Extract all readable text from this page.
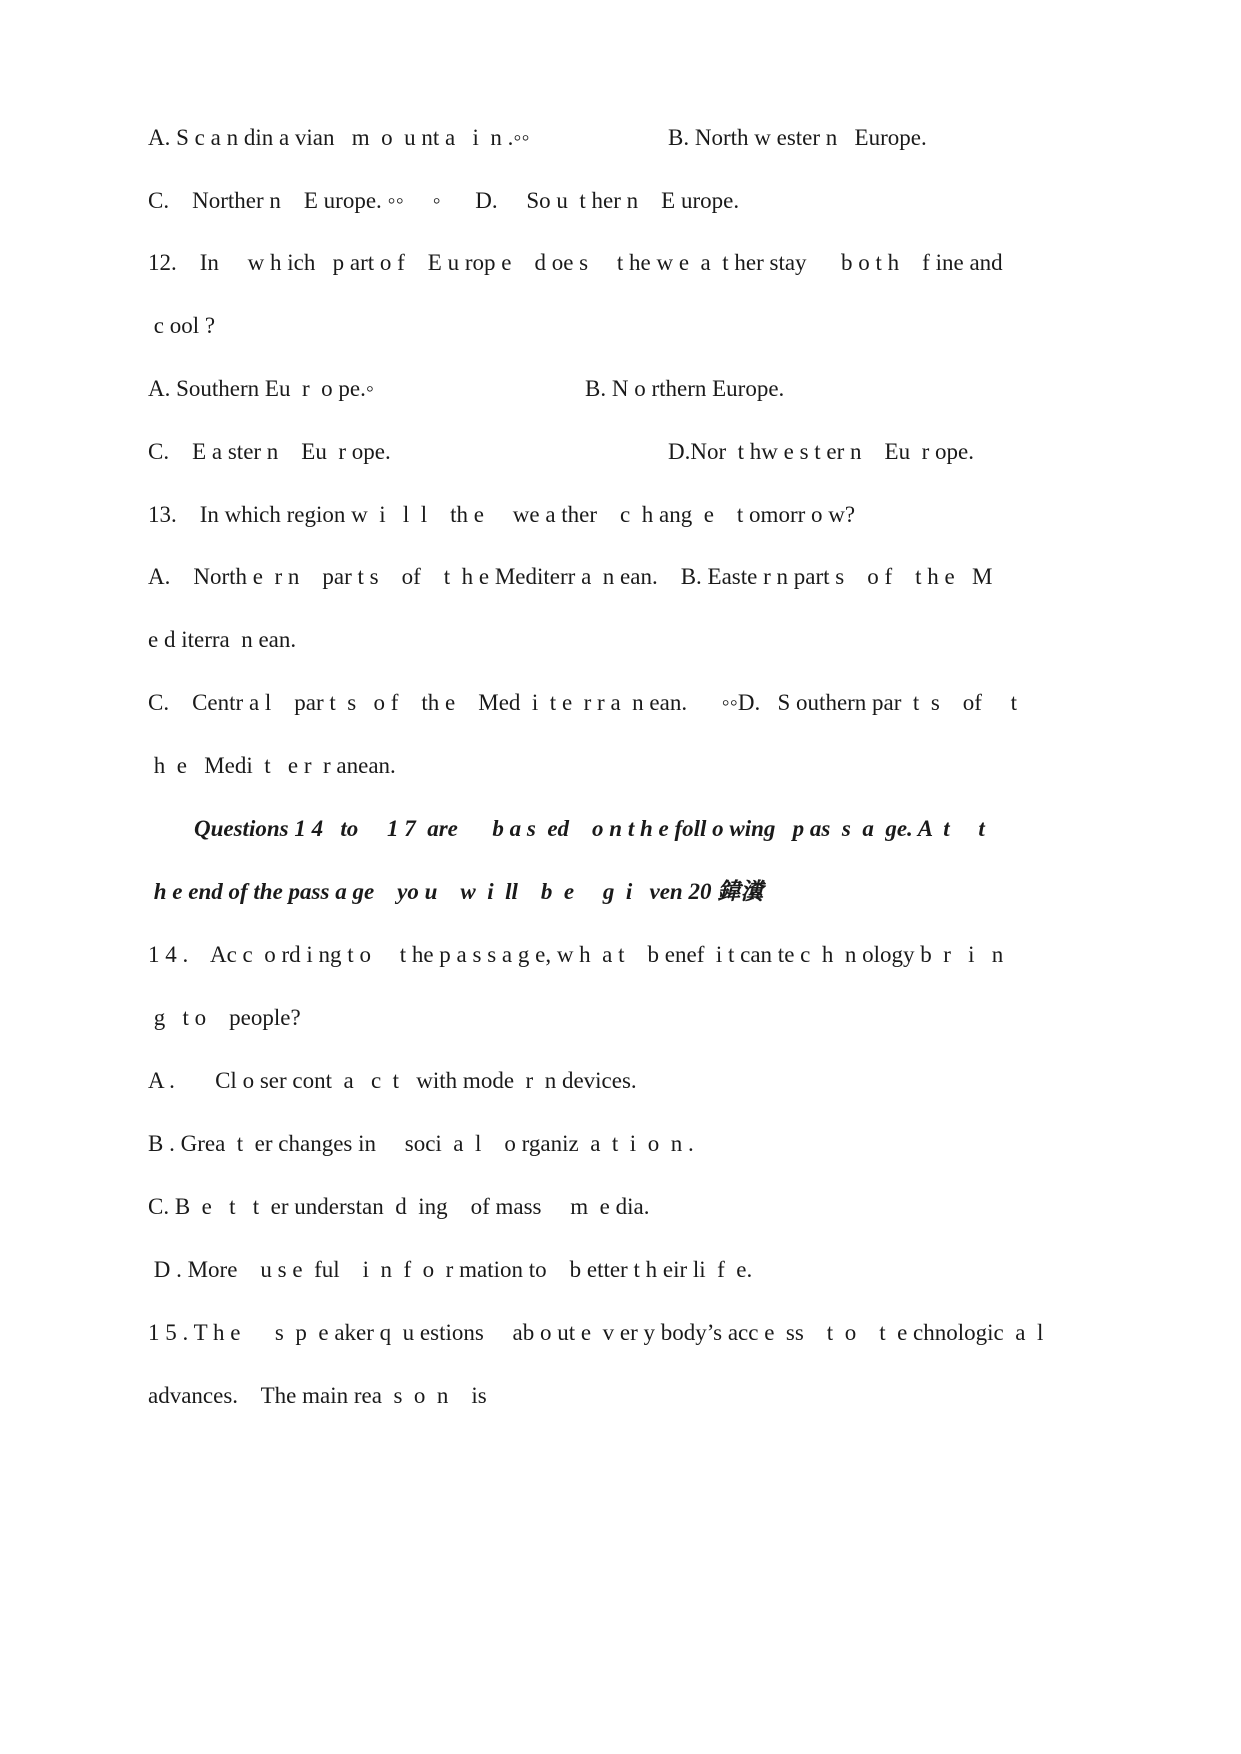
A. S c a n din a vian   m  o  u nt a   i  n .◦◦	B. North w ester n   Europe.
C.    Norther n    E urope. ◦◦     ◦      D.     So u  t her n    E urope.
12.    In     w h ich   p art o f    E u rop e    d oe s     t he w e  a  t her stay      b o t h    f ine and
c ool ?
A. Southern Eu  r  o pe.◦	B. N o rthern Europe.
C.    E a ster n    Eu  r ope.	D.Nor  t hw e s t er n    Eu  r ope.
13.    In which region w  i   l  l    th e     we a ther    c  h ang  e    t omorr o w?
A.    North e  r n    par t s    of    t  h e Mediterr a  n ean.    B. Easte r n part s    o f    t h e   M
e d iterra  n ean.
C.    Centr a l    par t  s   o f    th e    Med  i  t e  r r a  n ean.      ◦◦D.   S outhern par  t  s    of     t
h  e   Medi  t   e r  r anean.
Questions 1 4   to     1 7  are      b a s  ed    o n t h e foll o wing   p as  s  a  ge. A  t     t
h e end of the pass a ge    yo u    w  i  ll    b  e     g  i   ven 20 鍏瀵
1 4 .    Ac c  o rd i ng t o     t he p a s s a g e, w h  a t    b enef  i t can te c  h  n ology b  r   i   n
g   t o    people?
A .       Cl o ser cont  a   c  t   with mode  r  n devices.
B . Grea  t  er changes in     soci  a  l    o rganiz  a  t  i  o  n .
C. B  e   t   t  er understan  d  ing    of mass     m  e dia.
D . More    u s e  ful    i  n  f  o  r mation to    b etter t h eir li  f  e.
1 5 . T h e      s  p  e aker q  u estions     ab o ut e  v er y body’s acc e  ss    t  o    t  e chnologic  a  l
advances.    The main rea  s  o  n    is
